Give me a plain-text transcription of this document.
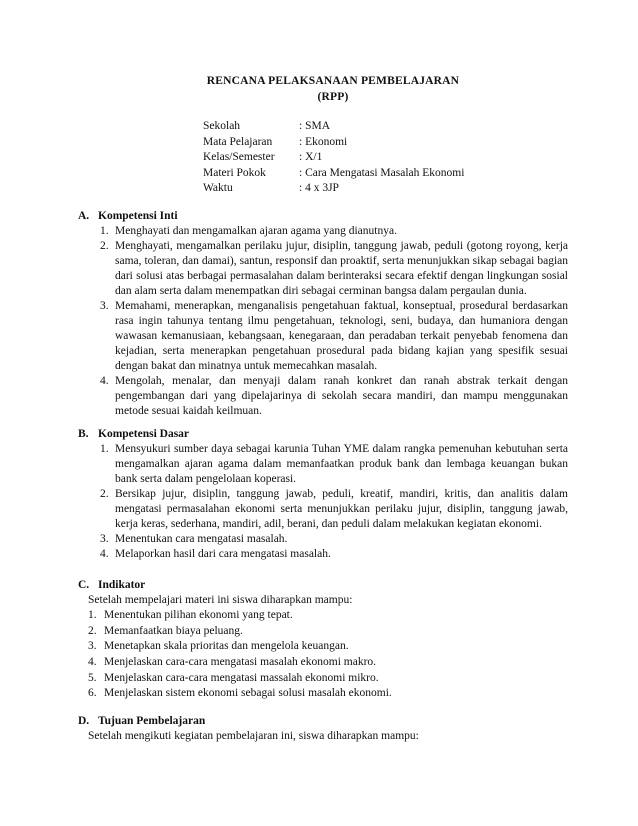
RENCANA PELAKSANAAN PEMBELAJARAN
(RPP)
Sekolah	: SMA
Mata Pelajaran	: Ekonomi
Kelas/Semester	: X/1
Materi Pokok	: Cara Mengatasi Masalah Ekonomi
Waktu	: 4 x 3JP
A. Kompetensi Inti
1. Menghayati dan mengamalkan ajaran agama yang dianutnya.
2. Menghayati, mengamalkan perilaku jujur, disiplin, tanggung jawab, peduli (gotong royong, kerja sama, toleran, dan damai), santun, responsif dan proaktif, serta menunjukkan sikap sebagai bagian dari solusi atas berbagai permasalahan dalam berinteraksi secara efektif dengan lingkungan sosial dan alam serta dalam menempatkan diri sebagai cerminan bangsa dalam pergaulan dunia.
3. Memahami, menerapkan, menganalisis pengetahuan faktual, konseptual, prosedural berdasarkan rasa ingin tahunya tentang ilmu pengetahuan, teknologi, seni, budaya, dan humaniora dengan wawasan kemanusiaan, kebangsaan, kenegaraan, dan peradaban terkait penyebab fenomena dan kejadian, serta menerapkan pengetahuan prosedural pada bidang kajian yang spesifik sesuai dengan bakat dan minatnya untuk memecahkan masalah.
4. Mengolah, menalar, dan menyaji dalam ranah konkret dan ranah abstrak terkait dengan pengembangan dari yang dipelajarinya di sekolah secara mandiri, dan mampu menggunakan metode sesuai kaidah keilmuan.
B. Kompetensi Dasar
1. Mensyukuri sumber daya sebagai karunia Tuhan YME dalam rangka pemenuhan kebutuhan serta mengamalkan ajaran agama dalam memanfaatkan produk bank dan lembaga keuangan bukan bank serta dalam pengelolaan koperasi.
2. Bersikap jujur, disiplin, tanggung jawab, peduli, kreatif, mandiri, kritis, dan analitis dalam mengatasi permasalahan ekonomi serta menunjukkan perilaku jujur, disiplin, tanggung jawab, kerja keras, sederhana, mandiri, adil, berani, dan peduli dalam melakukan kegiatan ekonomi.
3. Menentukan cara mengatasi masalah.
4. Melaporkan hasil dari cara mengatasi masalah.
C. Indikator
Setelah mempelajari materi ini siswa diharapkan mampu:
1. Menentukan pilihan ekonomi yang tepat.
2. Memanfaatkan biaya peluang.
3. Menetapkan skala prioritas dan mengelola keuangan.
4. Menjelaskan cara-cara mengatasi masalah ekonomi makro.
5. Menjelaskan cara-cara mengatasi massalah ekonomi mikro.
6. Menjelaskan sistem ekonomi sebagai solusi masalah ekonomi.
D. Tujuan Pembelajaran
Setelah mengikuti kegiatan pembelajaran ini, siswa diharapkan mampu:
